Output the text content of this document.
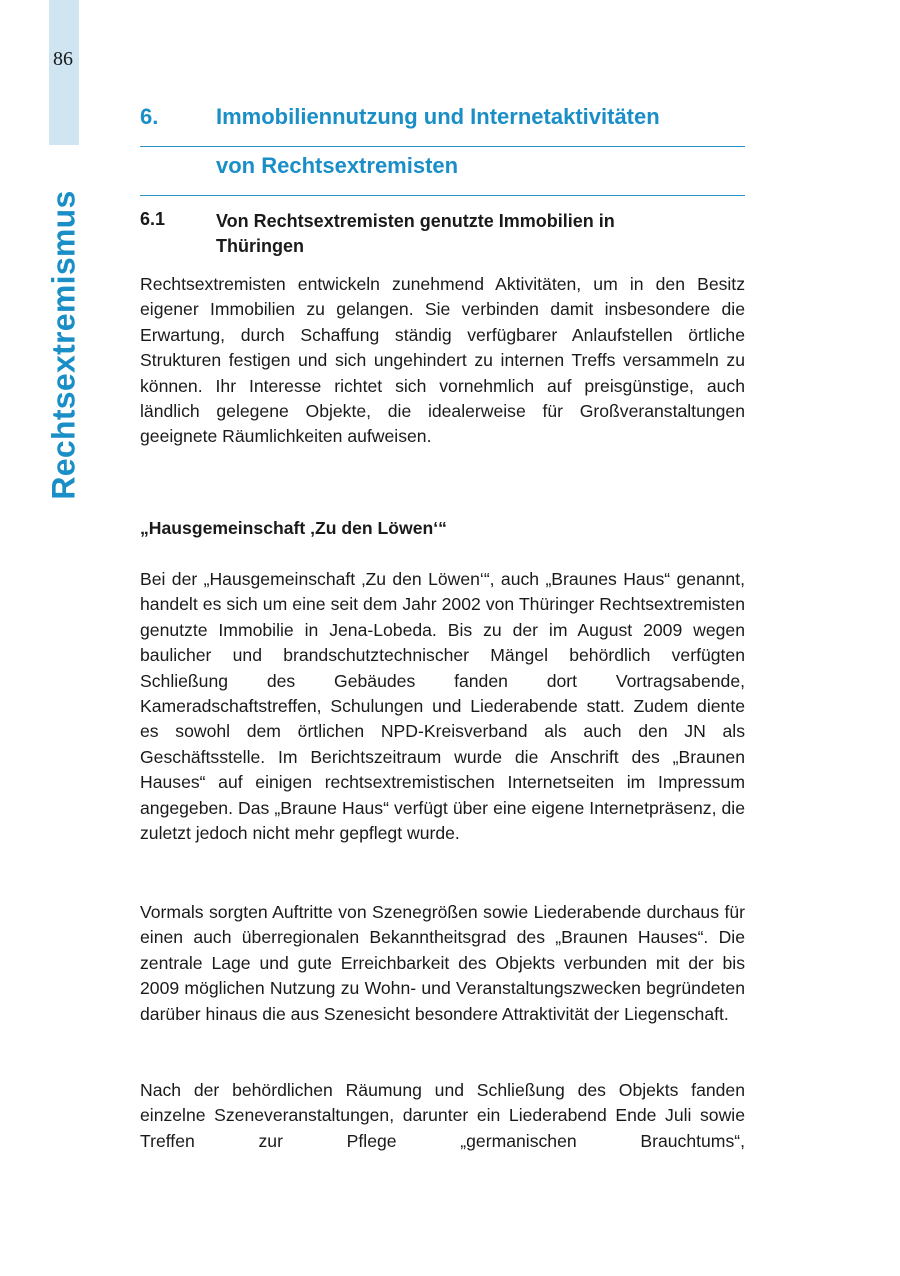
86
Rechtsextremismus
6.	Immobiliennutzung und Internetaktivitäten
von Rechtsextremisten
6.1	Von Rechtsextremisten genutzte Immobilien in Thüringen

Rechtsextremisten entwickeln zunehmend Aktivitäten, um in den Besitz eigener Immobilien zu gelangen. Sie verbinden damit insbesondere die Erwartung, durch Schaffung ständig verfügbarer Anlaufstellen örtliche Strukturen festigen und sich ungehindert zu internen Treffs versammeln zu können. Ihr Interesse richtet sich vornehmlich auf preisgünstige, auch ländlich gelegene Objekte, die idealerweise für Großveranstaltungen geeignete Räumlichkeiten aufweisen.

„Hausgemeinschaft ‚Zu den Löwen‘“

Bei der „Hausgemeinschaft ‚Zu den Löwen‘“, auch „Braunes Haus“ genannt, handelt es sich um eine seit dem Jahr 2002 von Thüringer Rechtsextremisten genutzte Immobilie in Jena-Lobeda. Bis zu der im August 2009 wegen baulicher und brandschutztechnischer Mängel behördlich verfügten Schließung des Gebäudes fanden dort Vortragsabende, Kameradschaftstreffen, Schulungen und Liederabende statt. Zudem diente es sowohl dem örtlichen NPD-Kreisverband als auch den JN als Geschäftsstelle. Im Berichtszeitraum wurde die Anschrift des „Braunen Hauses“ auf einigen rechtsextremistischen Internetseiten im Impressum angegeben. Das „Braune Haus“ verfügt über eine eigene Internetpräsenz, die zuletzt jedoch nicht mehr gepflegt wurde.

Vormals sorgten Auftritte von Szenegrößen sowie Liederabende durchaus für einen auch überregionalen Bekanntheitsgrad des „Braunen Hauses“. Die zentrale Lage und gute Erreichbarkeit des Objekts verbunden mit der bis 2009 möglichen Nutzung zu Wohn- und Veranstaltungszwecken begründeten darüber hinaus die aus Szenesicht besondere Attraktivität der Liegenschaft.

Nach der behördlichen Räumung und Schließung des Objekts fanden einzelne Szeneveranstaltungen, darunter ein Liederabend Ende Juli sowie Treffen zur Pflege „germanischen Brauchtums“,
